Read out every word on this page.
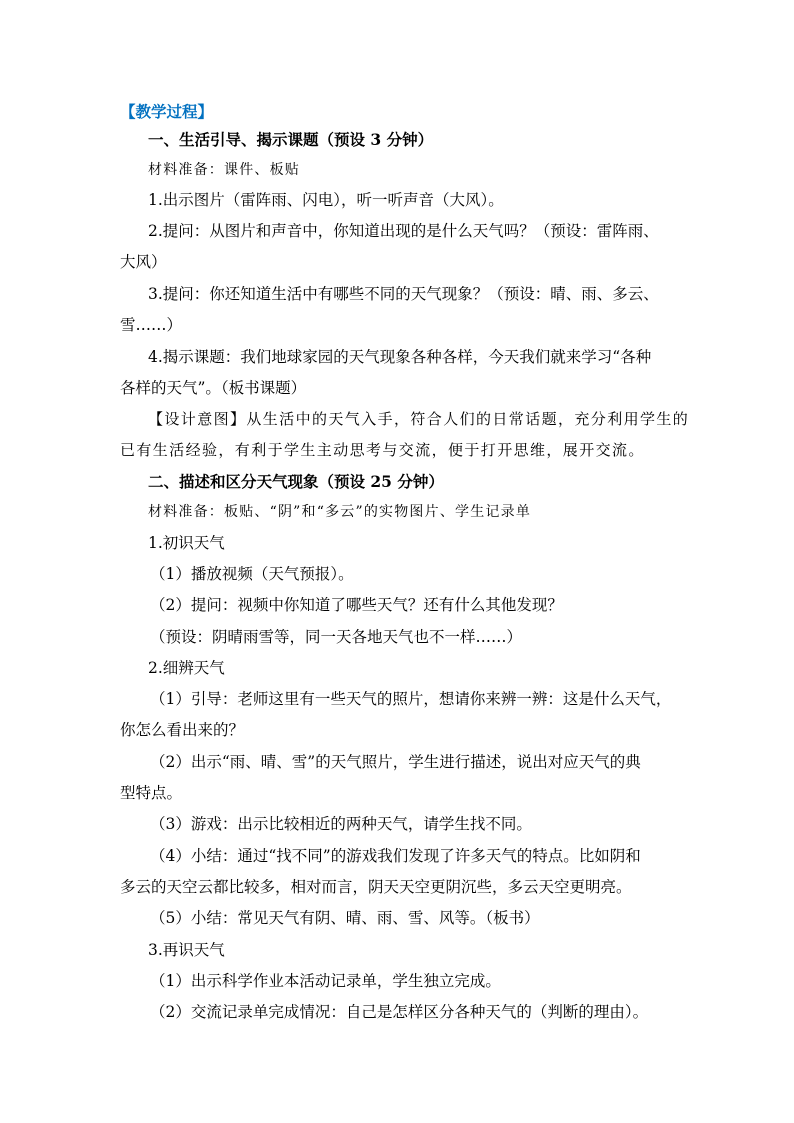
【教学过程】
一、生活引导、揭示课题（预设 3 分钟）
材料准备：课件、板贴
1.出示图片（雷阵雨、闪电），听一听声音（大风）。
2.提问：从图片和声音中，你知道出现的是什么天气吗？（预设：雷阵雨、
大风）
3.提问：你还知道生活中有哪些不同的天气现象？（预设：晴、雨、多云、
雪……）
4.揭示课题：我们地球家园的天气现象各种各样，今天我们就来学习“各种
各样的天气”。（板书课题）
【设计意图】从生活中的天气入手，符合人们的日常话题，充分利用学生的
已有生活经验，有利于学生主动思考与交流，便于打开思维，展开交流。
二、描述和区分天气现象（预设 25 分钟）
材料准备：板贴、“阴”和“多云”的实物图片、学生记录单
1.初识天气
（1）播放视频（天气预报）。
（2）提问：视频中你知道了哪些天气？还有什么其他发现？
（预设：阴晴雨雪等，同一天各地天气也不一样……）
2.细辨天气
（1）引导：老师这里有一些天气的照片，想请你来辨一辨：这是什么天气，
你怎么看出来的？
（2）出示“雨、晴、雪”的天气照片，学生进行描述，说出对应天气的典
型特点。
（3）游戏：出示比较相近的两种天气，请学生找不同。
（4）小结：通过“找不同”的游戏我们发现了许多天气的特点。比如阴和
多云的天空云都比较多，相对而言，阴天天空更阴沉些，多云天空更明亮。
（5）小结：常见天气有阴、晴、雨、雪、风等。（板书）
3.再识天气
（1）出示科学作业本活动记录单，学生独立完成。
（2）交流记录单完成情况：自己是怎样区分各种天气的（判断的理由）。
